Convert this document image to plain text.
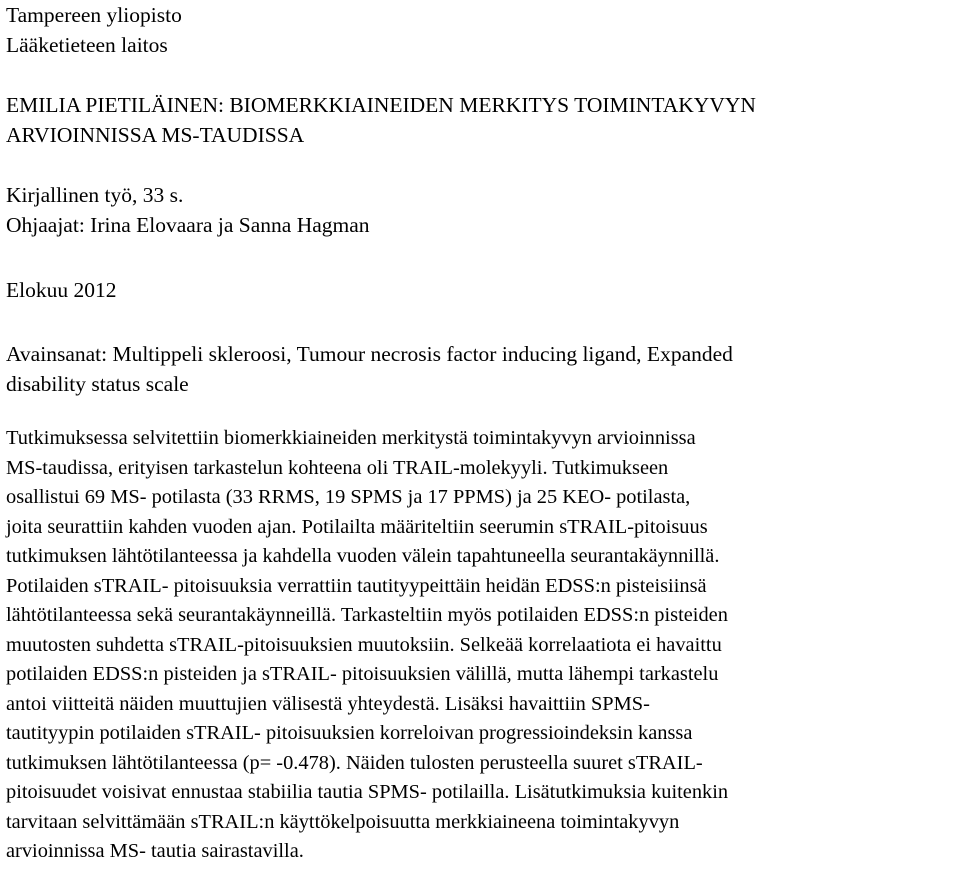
Tampereen yliopisto
Lääketieteen laitos
EMILIA PIETILÄINEN: BIOMERKKIAINEIDEN MERKITYS TOIMINTAKYVYN
ARVIOINNISSA MS-TAUDISSA
Kirjallinen työ, 33 s.
Ohjaajat: Irina Elovaara ja Sanna Hagman
Elokuu 2012
Avainsanat: Multippeli skleroosi, Tumour necrosis factor inducing ligand, Expanded
disability status scale
Tutkimuksessa selvitettiin biomerkkiaineiden merkitystä toimintakyvyn arvioinnissa
MS-taudissa, erityisen tarkastelun kohteena oli TRAIL-molekyyli. Tutkimukseen
osallistui 69 MS- potilasta (33 RRMS, 19 SPMS ja 17 PPMS) ja 25 KEO- potilasta,
joita seurattiin kahden vuoden ajan. Potilailta määriteltiin seerumin sTRAIL-pitoisuus
tutkimuksen lähtötilanteessa ja kahdella vuoden välein tapahtuneella seurantakäynnillä.
Potilaiden sTRAIL- pitoisuuksia verrattiin tautityypeittäin heidän EDSS:n pisteisiinsä
lähtötilanteessa sekä seurantakäynneillä. Tarkasteltiin myös potilaiden EDSS:n pisteiden
muutosten suhdetta sTRAIL-pitoisuuksien muutoksiin. Selkeää korrelaatiota ei havaittu
potilaiden EDSS:n pisteiden ja sTRAIL- pitoisuuksien välillä, mutta lähempi tarkastelu
antoi viitteitä näiden muuttujien välisestä yhteydestä. Lisäksi havaittiin SPMS-
tautityypin potilaiden sTRAIL- pitoisuuksien korreloivan progressioindeksin kanssa
tutkimuksen lähtötilanteessa (p= -0.478). Näiden tulosten perusteella suuret sTRAIL-
pitoisuudet voisivat ennustaa stabiilia tautia SPMS- potilailla. Lisätutkimuksia kuitenkin
tarvitaan selvittämään sTRAIL:n käyttökelpoisuutta merkkiaineena toimintakyvyn
arvioinnissa MS- tautia sairastavilla.
